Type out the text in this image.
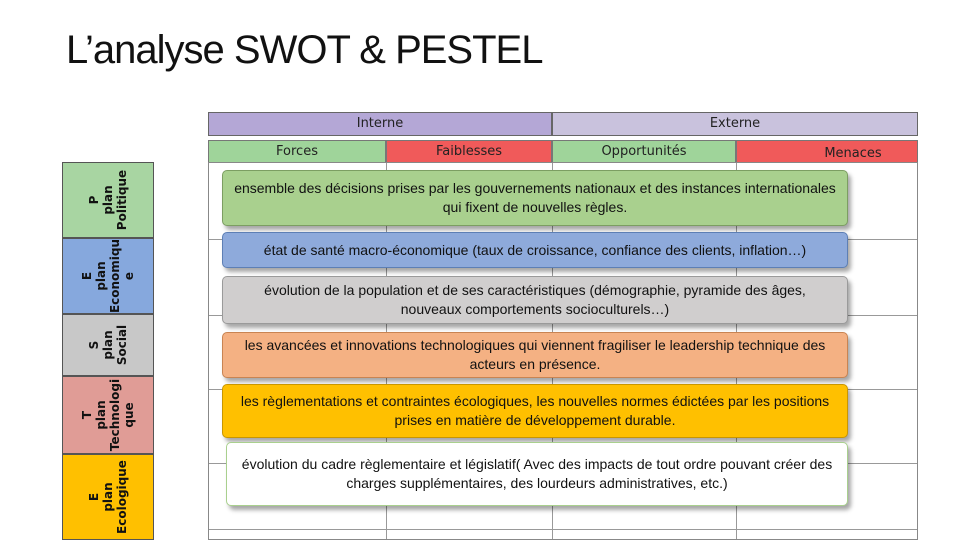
L’analyse SWOT & PESTEL
Interne	Externe
Forces	Faiblesses	Opportunités	Menaces
P plan Politique
E plan Economiqu e
S plan Social
T plan Technologi que
E plan Ecologique
ensemble des décisions prises par les gouvernements nationaux et des instances internationales qui fixent de nouvelles règles.
état de santé macro-économique (taux de croissance, confiance des clients, inflation…)
évolution de la population et de ses caractéristiques (démographie, pyramide des âges, nouveaux comportements socioculturels…)
les avancées et innovations technologiques qui viennent fragiliser le leadership technique des acteurs en présence.
les règlementations et contraintes écologiques, les nouvelles normes édictées par les positions prises en matière de développement durable.
évolution du cadre règlementaire et législatif( Avec des impacts de tout ordre pouvant créer des charges supplémentaires, des lourdeurs administratives, etc.)
